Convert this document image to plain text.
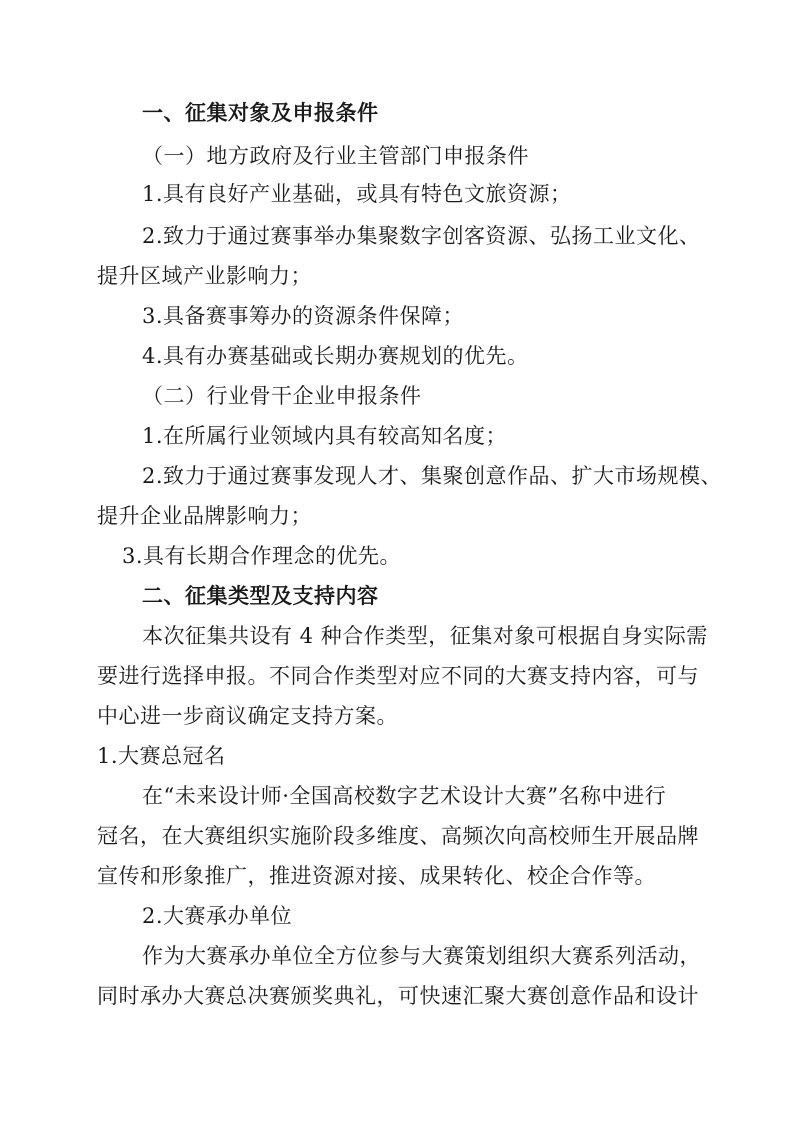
一、征集对象及申报条件
（一）地方政府及行业主管部门申报条件
1.具有良好产业基础，或具有特色文旅资源；
2.致力于通过赛事举办集聚数字创客资源、弘扬工业文化、
提升区域产业影响力；
3.具备赛事筹办的资源条件保障；
4.具有办赛基础或长期办赛规划的优先。
（二）行业骨干企业申报条件
1.在所属行业领域内具有较高知名度；
2.致力于通过赛事发现人才、集聚创意作品、扩大市场规模、
提升企业品牌影响力；
3.具有长期合作理念的优先。
二、征集类型及支持内容
本次征集共设有 4 种合作类型，征集对象可根据自身实际需
要进行选择申报。不同合作类型对应不同的大赛支持内容，可与
中心进一步商议确定支持方案。
1.大赛总冠名
在“未来设计师·全国高校数字艺术设计大赛”名称中进行
冠名，在大赛组织实施阶段多维度、高频次向高校师生开展品牌
宣传和形象推广，推进资源对接、成果转化、校企合作等。
2.大赛承办单位
作为大赛承办单位全方位参与大赛策划组织大赛系列活动，
同时承办大赛总决赛颁奖典礼，可快速汇聚大赛创意作品和设计
